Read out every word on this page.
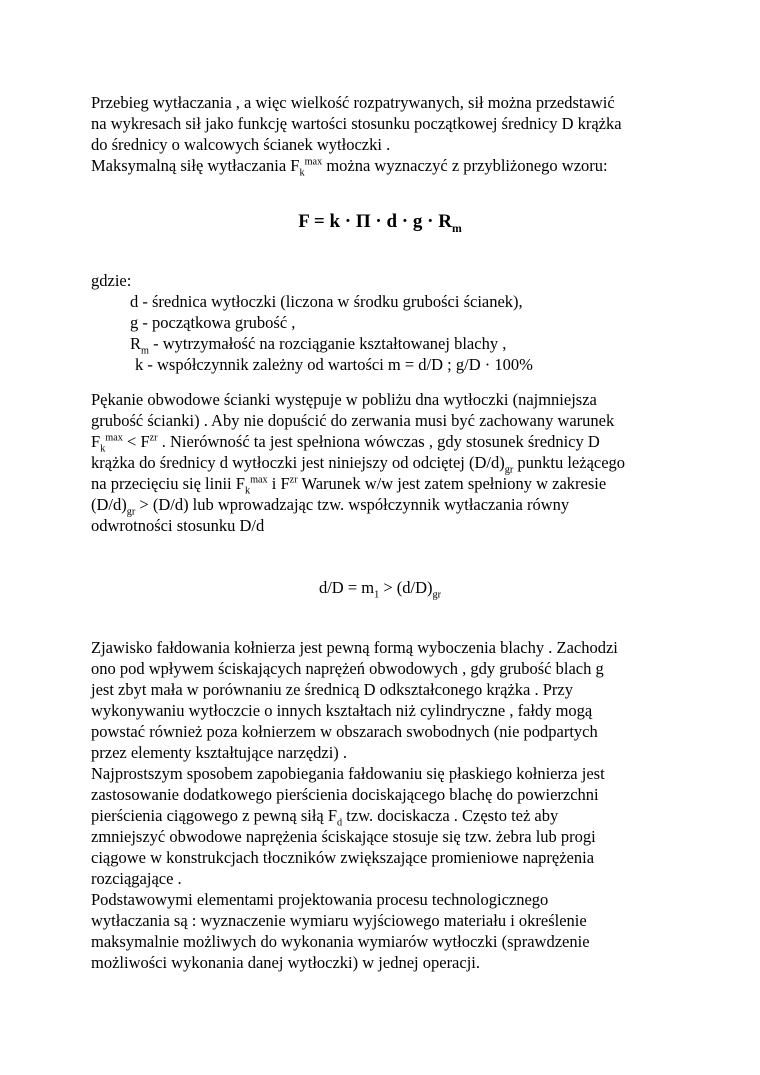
Przebieg wytłaczania , a więc wielkość rozpatrywanych, sił można przedstawić
na wykresach sił jako funkcję wartości stosunku początkowej średnicy D krążka
do średnicy o walcowych ścianek wytłoczki .
Maksymalną siłę wytłaczania $F_k^{max}$ można wyznaczyć z przybliżonego wzoru:
$F = k \cdot \Pi \cdot d \cdot g \cdot R_m$
gdzie:
d - średnica wytłoczki (liczona w środku grubości ścianek),
g - początkowa grubość ,
$R_m$ - wytrzymałość na rozciąganie kształtowanej blachy ,
k - współczynnik zależny od wartości m = d/D ; g/D · 100%
Pękanie obwodowe ścianki występuje w pobliżu dna wytłoczki (najmniejsza
grubość ścianki) . Aby nie dopuścić do zerwania musi być zachowany warunek
$F_k^{max} < F^{zr}$ . Nierówność ta jest spełniona wówczas , gdy stosunek średnicy D
krążka do średnicy d wytłoczki jest niniejszy od odciętej $(D/d)_{gr}$ punktu leżącego
na przecięciu się linii $F_k^{max}$ i $F^{zr}$ Warunek w/w jest zatem spełniony w zakresie
$(D/d)_{gr} > (D/d)$ lub wprowadzając tzw. współczynnik wytłaczania równy
odwrotności stosunku D/d
$d/D = m_1 > (d/D)_{gr}$
Zjawisko fałdowania kołnierza jest pewną formą wyboczenia blachy . Zachodzi
ono pod wpływem ściskających naprężeń obwodowych , gdy grubość blach g
jest zbyt mała w porównaniu ze średnicą D odkształconego krążka . Przy
wykonywaniu wytłoczcie o innych kształtach niż cylindryczne , fałdy mogą
powstać również poza kołnierzem w obszarach swobodnych (nie podpartych
przez elementy kształtujące narzędzi) .
Najprostszym sposobem zapobiegania fałdowaniu się płaskiego kołnierza jest
zastosowanie dodatkowego pierścienia dociskającego blachę do powierzchni
pierścienia ciągowego z pewną siłą $F_d$ tzw. dociskacza . Często też aby
zmniejszyć obwodowe naprężenia ściskające stosuje się tzw. żebra lub progi
ciągowe w konstrukcjach tłoczników zwiększające promieniowe naprężenia
rozciągające .
Podstawowymi elementami projektowania procesu technologicznego
wytłaczania są : wyznaczenie wymiaru wyjściowego materiału i określenie
maksymalnie możliwych do wykonania wymiarów wytłoczki (sprawdzenie
możliwości wykonania danej wytłoczki) w jednej operacji.
